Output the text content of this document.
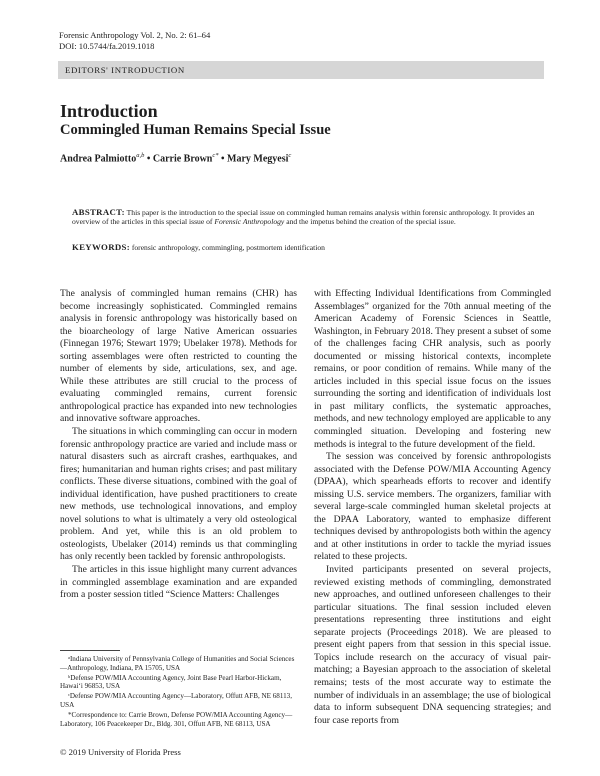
Forensic Anthropology Vol. 2, No. 2: 61–64
DOI: 10.5744/fa.2019.1018
EDITORS' INTRODUCTION
Introduction
Commingled Human Remains Special Issue
Andrea Palmiotto$^{a,b}$ • Carrie Brown$^{c*}$ • Mary Megyesi$^c$
ABSTRACT: This paper is the introduction to the special issue on commingled human remains analysis within forensic anthropology. It provides an overview of the articles in this special issue of Forensic Anthropology and the impetus behind the creation of the special issue.
KEYWORDS: forensic anthropology, commingling, postmortem identification

The analysis of commingled human remains (CHR) has become increasingly sophisticated. Commingled remains analysis in forensic anthropology was historically based on the bioarcheology of large Native American ossuaries (Finnegan 1976; Stewart 1979; Ubelaker 1978). Methods for sorting assemblages were often restricted to counting the number of elements by side, articulations, sex, and age. While these attributes are still crucial to the process of evaluating commingled remains, current forensic anthropological practice has expanded into new technologies and innovative software approaches.

The situations in which commingling can occur in modern forensic anthropology practice are varied and include mass or natural disasters such as aircraft crashes, earthquakes, and fires; humanitarian and human rights crises; and past military conflicts. These diverse situations, combined with the goal of individual identification, have pushed practitioners to create new methods, use technological innovations, and employ novel solutions to what is ultimately a very old osteological problem. And yet, while this is an old problem to osteologists, Ubelaker (2014) reminds us that commingling has only recently been tackled by forensic anthropologists.

The articles in this issue highlight many current advances in commingled assemblage examination and are expanded from a poster session titled “Science Matters: Challenges

ᵃIndiana University of Pennsylvania College of Humanities and Social Sciences—Anthropology, Indiana, PA 15705, USA

ᵇDefense POW/MIA Accounting Agency, Joint Base Pearl Harbor-Hickam, Hawai‘i 96853, USA

ᶜDefense POW/MIA Accounting Agency—Laboratory, Offutt AFB, NE 68113, USA

*Correspondence to: Carrie Brown, Defense POW/MIA Accounting Agency—Laboratory, 106 Peacekeeper Dr., Bldg. 301, Offutt AFB, NE 68113, USA

with Effecting Individual Identifications from Commingled Assemblages” organized for the 70th annual meeting of the American Academy of Forensic Sciences in Seattle, Washington, in February 2018. They present a subset of some of the challenges facing CHR analysis, such as poorly documented or missing historical contexts, incomplete remains, or poor condition of remains. While many of the articles included in this special issue focus on the issues surrounding the sorting and identification of individuals lost in past military conflicts, the systematic approaches, methods, and new technology employed are applicable to any commingled situation. Developing and fostering new methods is integral to the future development of the field.

The session was conceived by forensic anthropologists associated with the Defense POW/MIA Accounting Agency (DPAA), which spearheads efforts to recover and identify missing U.S. service members. The organizers, familiar with several large-scale commingled human skeletal projects at the DPAA Laboratory, wanted to emphasize different techniques devised by anthropologists both within the agency and at other institutions in order to tackle the myriad issues related to these projects.

Invited participants presented on several projects, reviewed existing methods of commingling, demonstrated new approaches, and outlined unforeseen challenges to their particular situations. The final session included eleven presentations representing three institutions and eight separate projects (Proceedings 2018). We are pleased to present eight papers from that session in this special issue. Topics include research on the accuracy of visual pair-matching; a Bayesian approach to the association of skeletal remains; tests of the most accurate way to estimate the number of individuals in an assemblage; the use of biological data to inform subsequent DNA sequencing strategies; and four case reports from

© 2019 University of Florida Press
